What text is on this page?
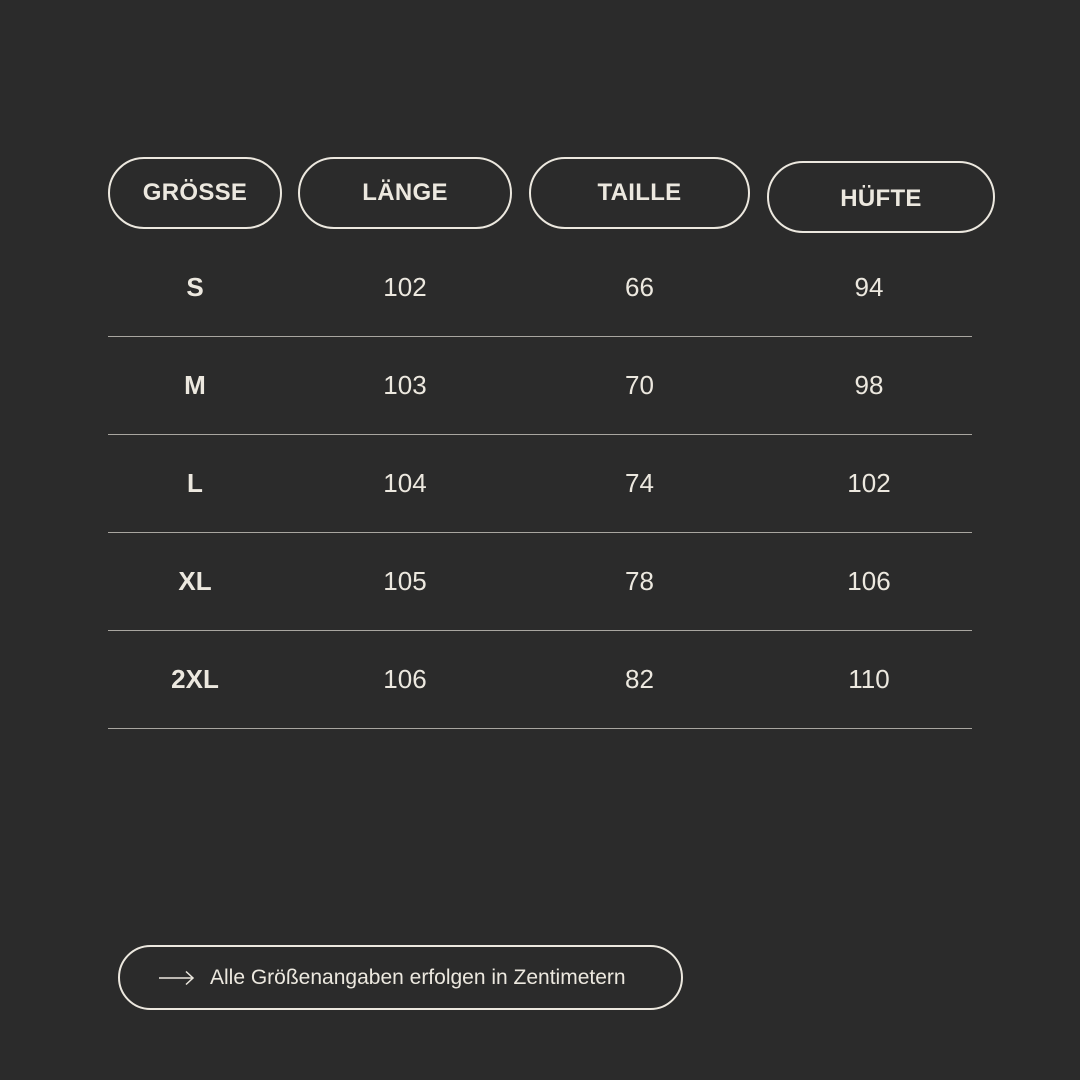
GRÖSSE	LÄNGE	TAILLE	HÜFTE
S	102	66	94
M	103	70	98
L	104	74	102
XL	105	78	106
2XL	106	82	110
Alle Größenangaben erfolgen in Zentimetern
